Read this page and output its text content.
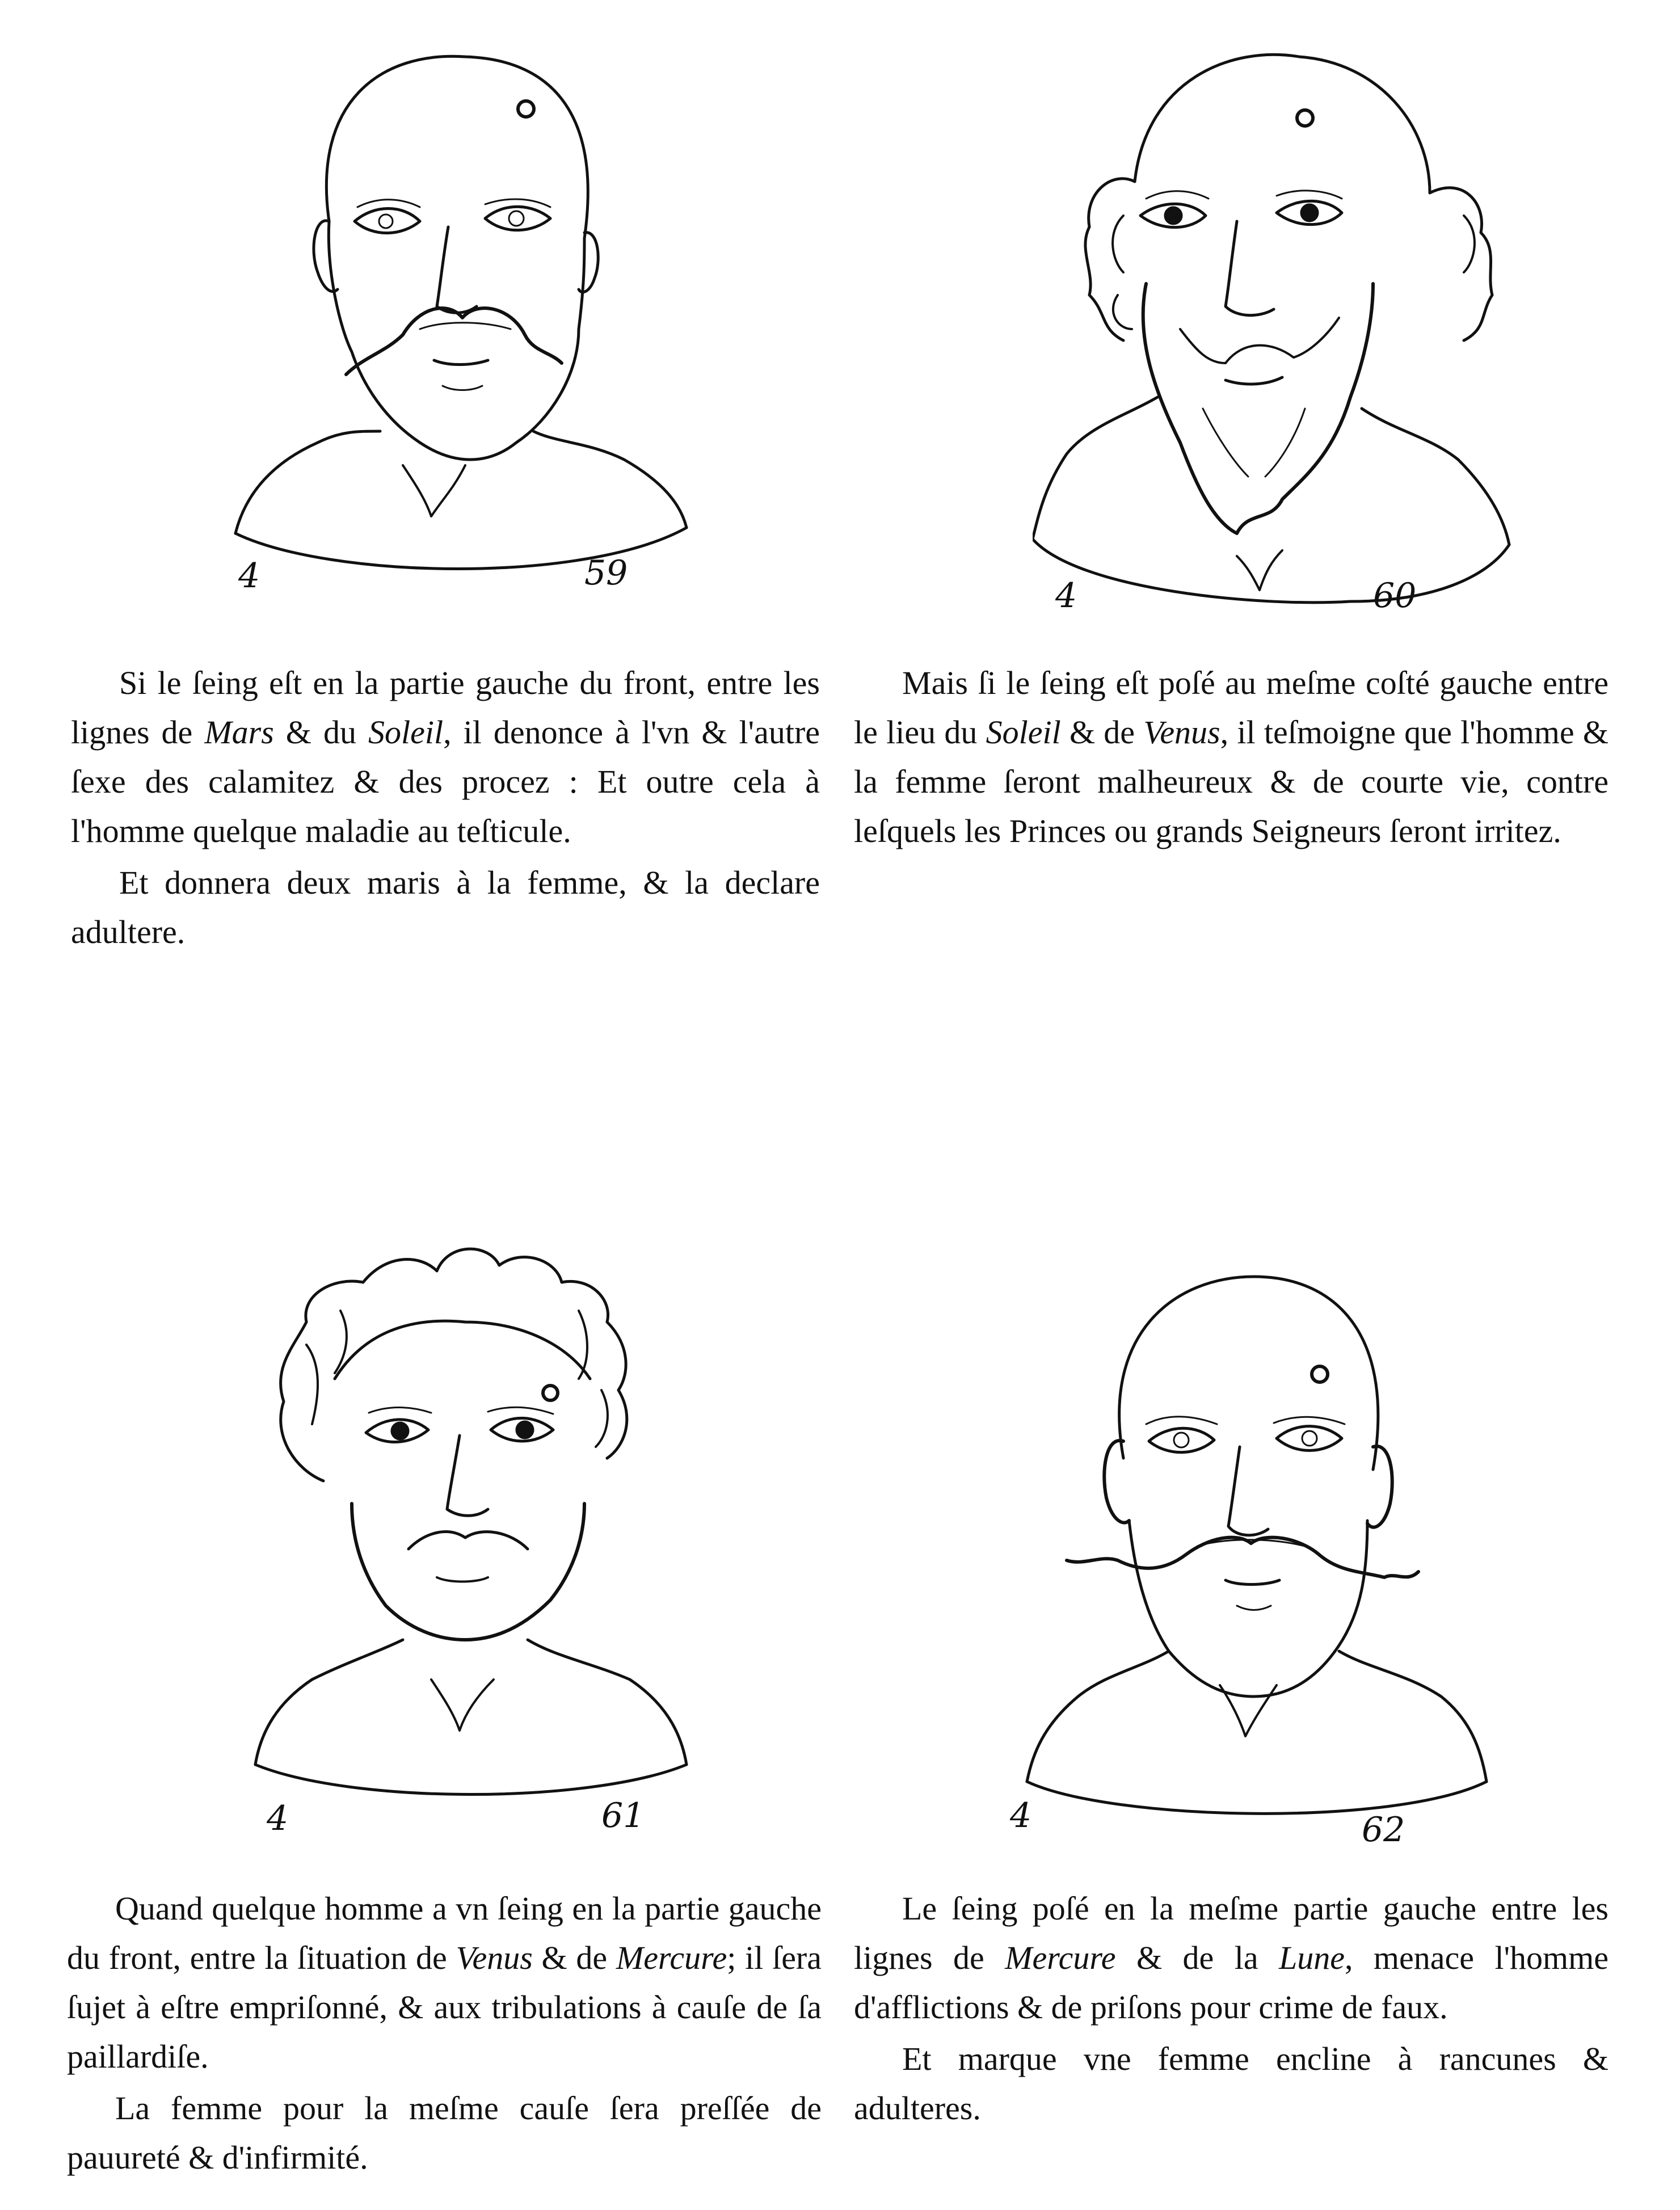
4	59
4	60

Si le ſeing eſt en la partie gauche du front, entre les lignes de Mars & du Soleil, il denonce à l'vn & l'autre ſexe des calamitez & des procez : Et outre cela à l'homme quelque maladie au teſticule.

Et donnera deux maris à la femme, & la declare adultere.

Mais ſi le ſeing eſt poſé au meſme coſté gauche entre le lieu du Soleil & de Venus, il teſmoigne que l'homme & la femme ſeront malheureux & de courte vie, contre leſquels les Princes ou grands Seigneurs ſeront irritez.

4	61	4	62

Quand quelque homme a vn ſeing en la partie gauche du front, entre la ſituation de Venus & de Mercure; il ſera ſujet à eſtre empriſonné, & aux tribulations à cauſe de ſa paillardiſe.

La femme pour la meſme cauſe ſera preſſée de pauureté & d'infirmité.

Le ſeing poſé en la meſme partie gauche entre les lignes de Mercure & de la Lune, menace l'homme d'afflictions & de priſons pour crime de faux.

Et marque vne femme encline à rancunes & adulteres.
